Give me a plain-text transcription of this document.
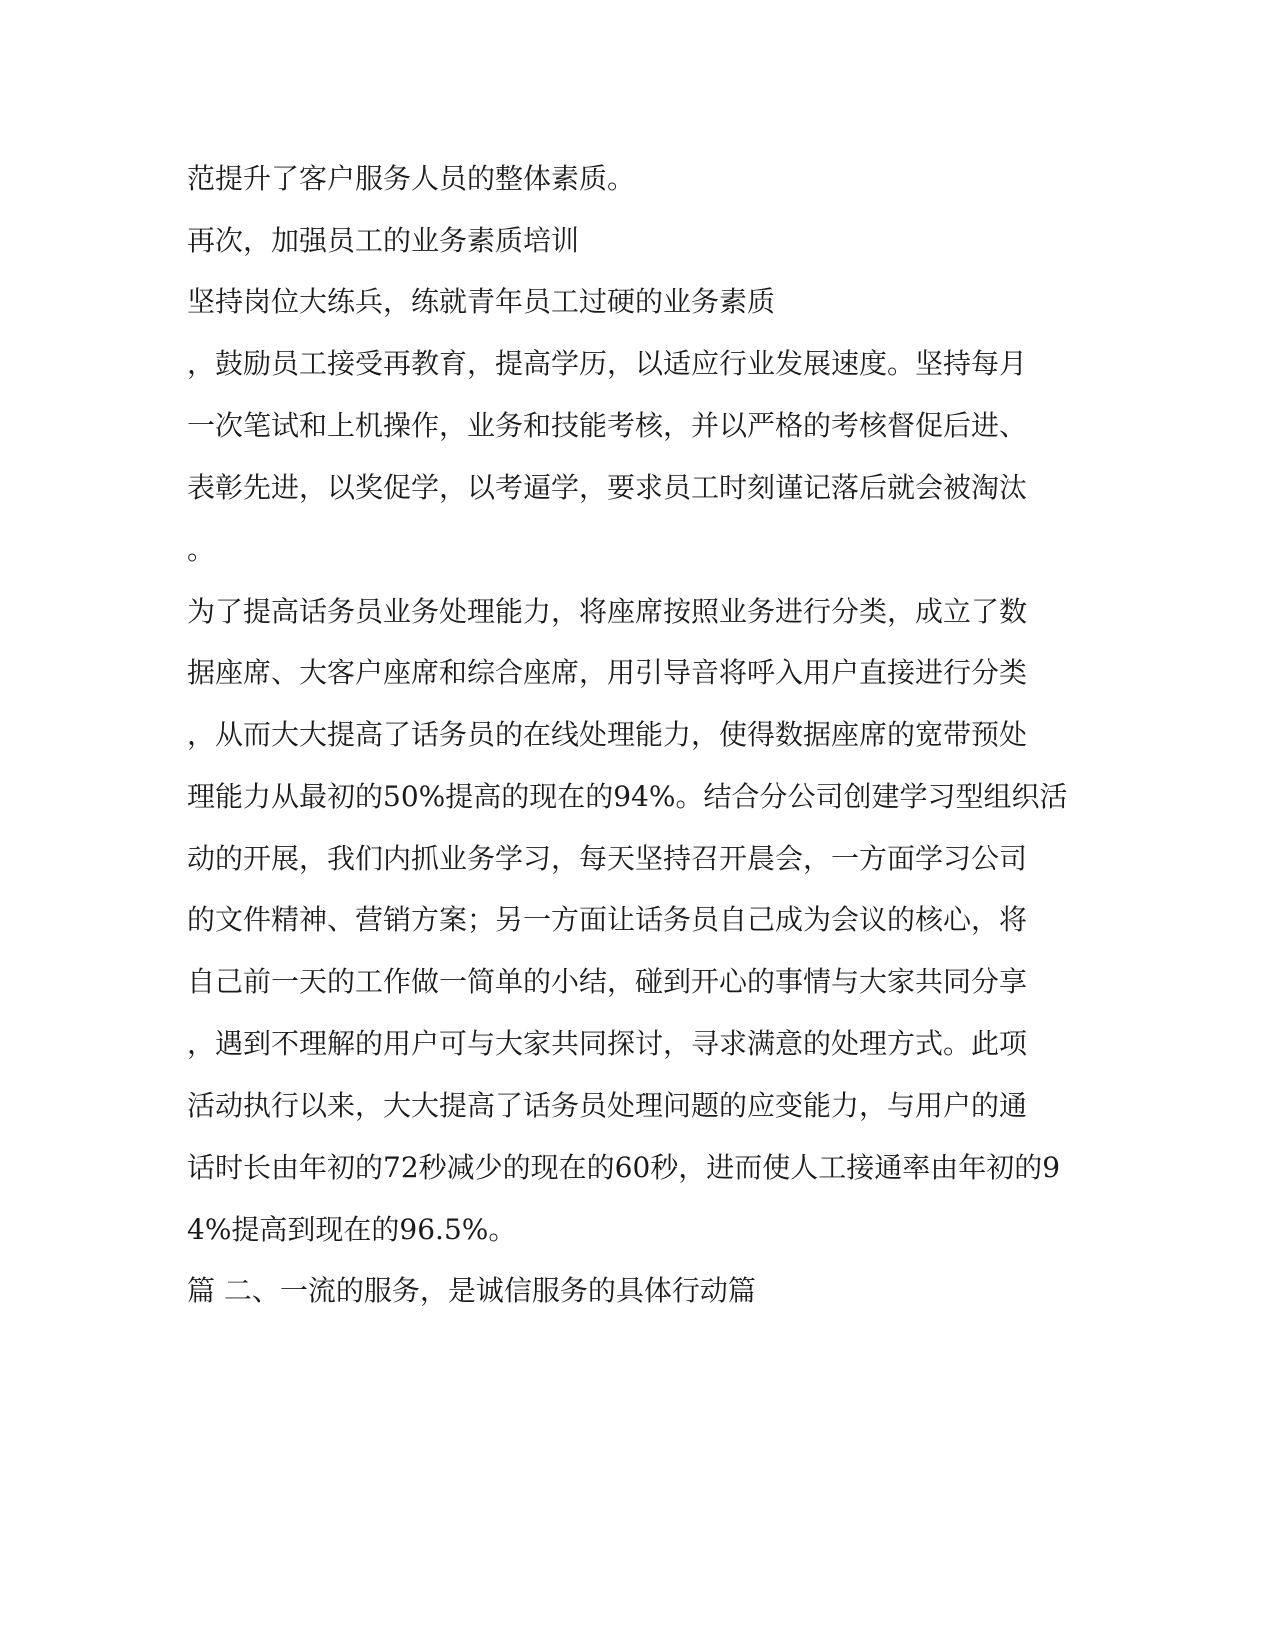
范提升了客户服务人员的整体素质。

再次，加强员工的业务素质培训

坚持岗位大练兵，练就青年员工过硬的业务素质

，鼓励员工接受再教育，提高学历，以适应行业发展速度。坚持每月

一次笔试和上机操作，业务和技能考核，并以严格的考核督促后进、

表彰先进，以奖促学，以考逼学，要求员工时刻谨记落后就会被淘汰

。

为了提高话务员业务处理能力，将座席按照业务进行分类，成立了数

据座席、大客户座席和综合座席，用引导音将呼入用户直接进行分类

，从而大大提高了话务员的在线处理能力，使得数据座席的宽带预处

理能力从最初的50%提高的现在的94%。结合分公司创建学习型组织活

动的开展，我们内抓业务学习，每天坚持召开晨会，一方面学习公司

的文件精神、营销方案；另一方面让话务员自己成为会议的核心，将

自己前一天的工作做一简单的小结，碰到开心的事情与大家共同分享

，遇到不理解的用户可与大家共同探讨，寻求满意的处理方式。此项

活动执行以来，大大提高了话务员处理问题的应变能力，与用户的通

话时长由年初的72秒减少的现在的60秒，进而使人工接通率由年初的9

4%提高到现在的96.5%。

篇 二、一流的服务，是诚信服务的具体行动篇
